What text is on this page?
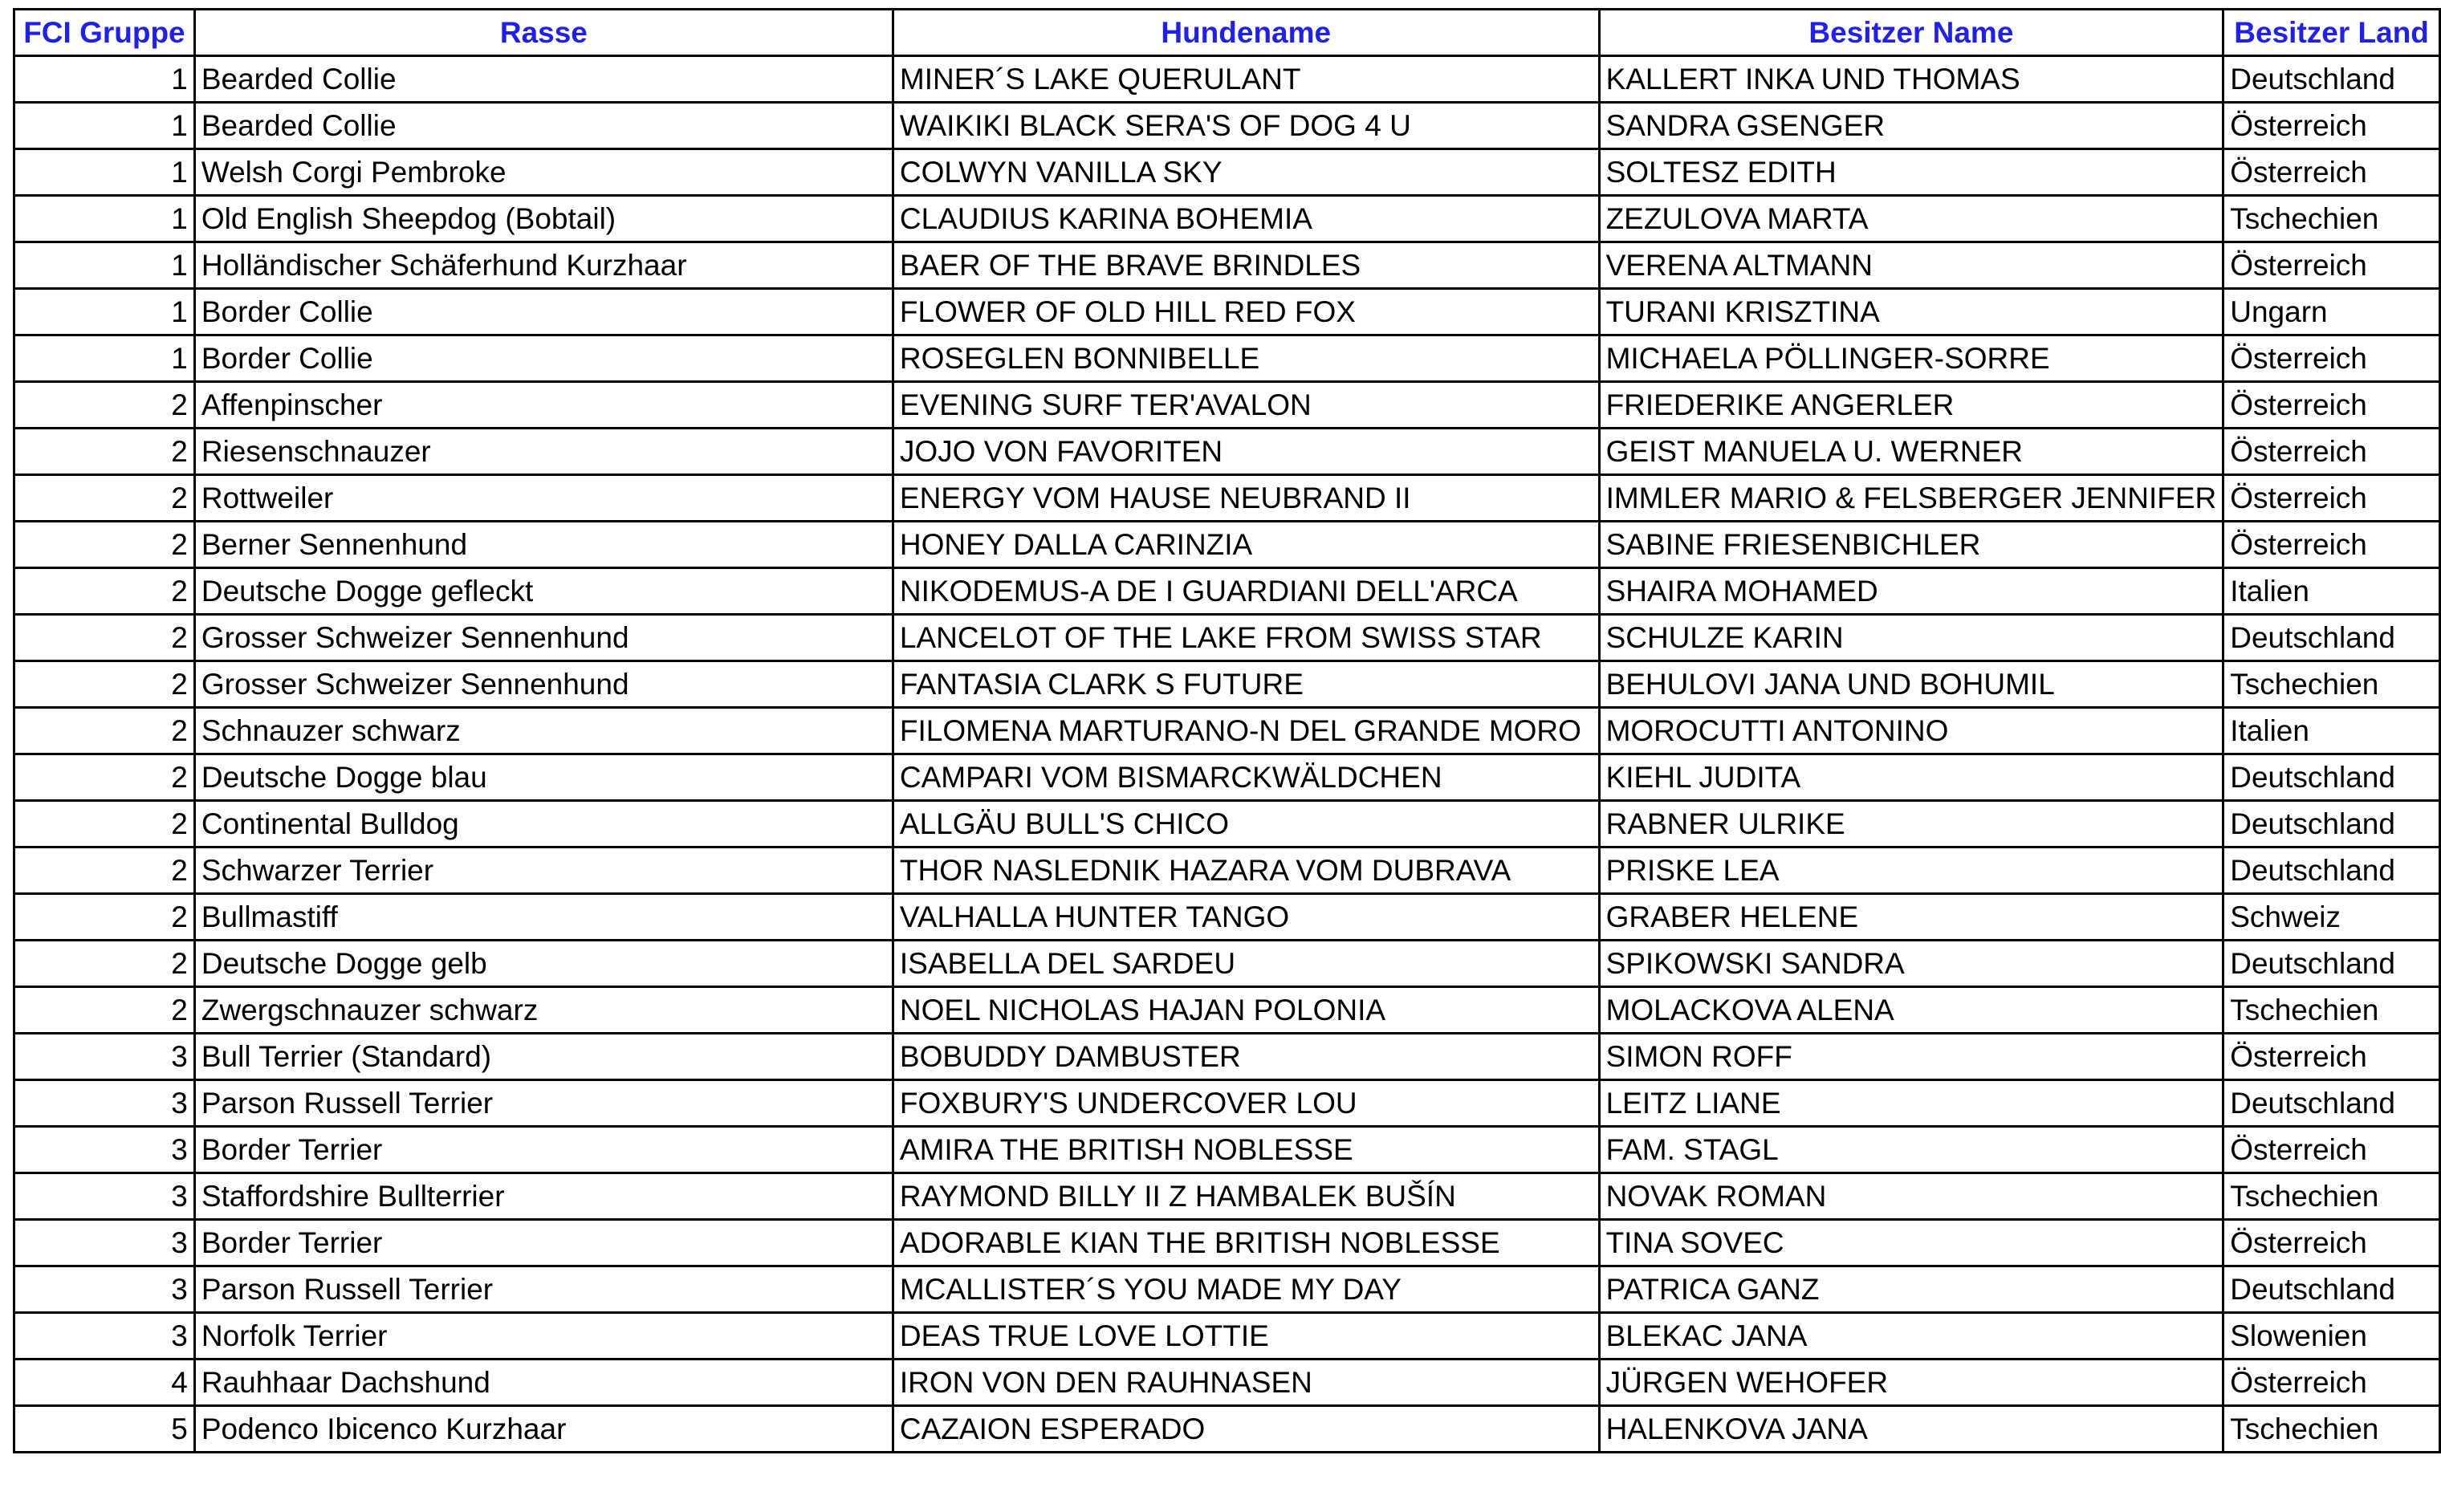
FCI Gruppe	Rasse	Hundename	Besitzer Name	Besitzer Land
1	Bearded Collie	MINER´S LAKE QUERULANT	KALLERT INKA UND THOMAS	Deutschland
1	Bearded Collie	WAIKIKI BLACK SERA'S OF DOG 4 U	SANDRA GSENGER	Österreich
1	Welsh Corgi Pembroke	COLWYN VANILLA SKY	SOLTESZ EDITH	Österreich
1	Old English Sheepdog (Bobtail)	CLAUDIUS KARINA BOHEMIA	ZEZULOVA MARTA	Tschechien
1	Holländischer Schäferhund Kurzhaar	BAER OF THE BRAVE BRINDLES	VERENA ALTMANN	Österreich
1	Border Collie	FLOWER OF OLD HILL RED FOX	TURANI KRISZTINA	Ungarn
1	Border Collie	ROSEGLEN BONNIBELLE	MICHAELA PÖLLINGER-SORRE	Österreich
2	Affenpinscher	EVENING SURF TER'AVALON	FRIEDERIKE ANGERLER	Österreich
2	Riesenschnauzer	JOJO VON FAVORITEN	GEIST MANUELA U. WERNER	Österreich
2	Rottweiler	ENERGY VOM HAUSE NEUBRAND II	IMMLER MARIO & FELSBERGER JENNIFER	Österreich
2	Berner Sennenhund	HONEY DALLA CARINZIA	SABINE FRIESENBICHLER	Österreich
2	Deutsche Dogge gefleckt	NIKODEMUS-A DE I GUARDIANI DELL'ARCA	SHAIRA MOHAMED	Italien
2	Grosser Schweizer Sennenhund	LANCELOT OF THE LAKE FROM SWISS STAR	SCHULZE KARIN	Deutschland
2	Grosser Schweizer Sennenhund	FANTASIA CLARK S FUTURE	BEHULOVI JANA UND BOHUMIL	Tschechien
2	Schnauzer schwarz	FILOMENA MARTURANO-N DEL GRANDE MORO	MOROCUTTI ANTONINO	Italien
2	Deutsche Dogge blau	CAMPARI VOM BISMARCKWÄLDCHEN	KIEHL JUDITA	Deutschland
2	Continental Bulldog	ALLGÄU BULL'S CHICO	RABNER ULRIKE	Deutschland
2	Schwarzer Terrier	THOR NASLEDNIK HAZARA VOM DUBRAVA	PRISKE LEA	Deutschland
2	Bullmastiff	VALHALLA HUNTER TANGO	GRABER HELENE	Schweiz
2	Deutsche Dogge gelb	ISABELLA DEL SARDEU	SPIKOWSKI SANDRA	Deutschland
2	Zwergschnauzer schwarz	NOEL NICHOLAS HAJAN POLONIA	MOLACKOVA ALENA	Tschechien
3	Bull Terrier (Standard)	BOBUDDY DAMBUSTER	SIMON ROFF	Österreich
3	Parson Russell Terrier	FOXBURY'S UNDERCOVER LOU	LEITZ LIANE	Deutschland
3	Border Terrier	AMIRA THE BRITISH NOBLESSE	FAM. STAGL	Österreich
3	Staffordshire Bullterrier	RAYMOND BILLY II Z HAMBALEK BUŠÍN	NOVAK ROMAN	Tschechien
3	Border Terrier	ADORABLE KIAN THE BRITISH NOBLESSE	TINA SOVEC	Österreich
3	Parson Russell Terrier	MCALLISTER´S YOU MADE MY DAY	PATRICA GANZ	Deutschland
3	Norfolk Terrier	DEAS TRUE LOVE LOTTIE	BLEKAC JANA	Slowenien
4	Rauhhaar Dachshund	IRON VON DEN RAUHNASEN	JÜRGEN WEHOFER	Österreich
5	Podenco Ibicenco Kurzhaar	CAZAION ESPERADO	HALENKOVA JANA	Tschechien
